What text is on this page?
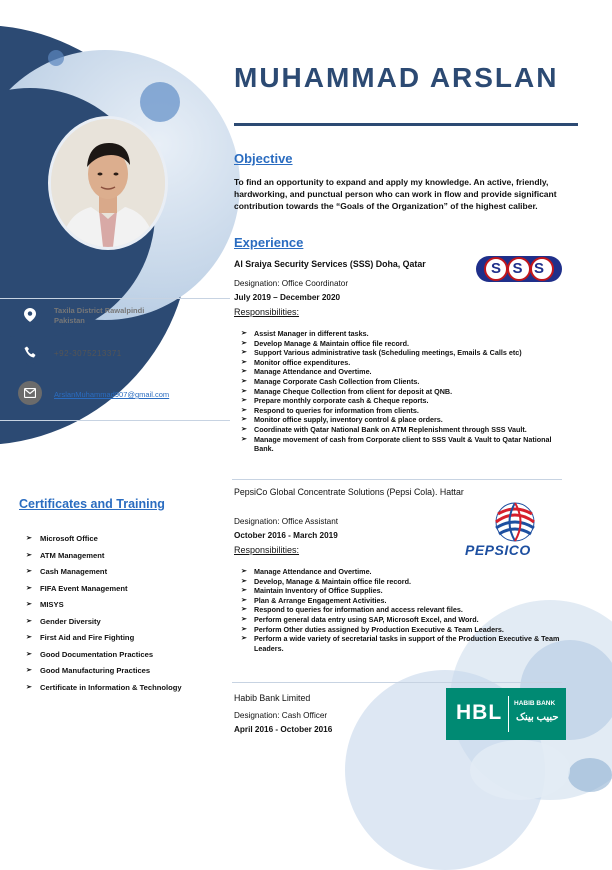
MUHAMMAD ARSLAN
Taxila District Rawalpindi Pakistan
+92-3075213371
ArslanMuhammad907@gmail.com
Certificates and Training
➢ Microsoft Office
➢ ATM Management
➢ Cash Management
➢ FIFA Event Management
➢ MISYS
➢ Gender Diversity
➢ First Aid and Fire Fighting
➢ Good Documentation Practices
➢ Good Manufacturing Practices
➢ Certificate in Information & Technology
Objective
To find an opportunity to expand and apply my knowledge. An active, friendly, hardworking, and punctual person who can work in flow and provide significant contribution towards the “Goals of the Organization” of the highest caliber.
Experience
Al Sraiya Security Services (SSS) Doha, Qatar	SSS
Designation: Office Coordinator
July 2019 – December 2020
Responsibilities:
➢ Assist Manager in different tasks.
➢ Develop Manage & Maintain office file record.
➢ Support Various administrative task (Scheduling meetings, Emails & Calls etc)
➢ Monitor office expenditures.
➢ Manage Attendance and Overtime.
➢ Manage Corporate Cash Collection from Clients.
➢ Manage Cheque Collection from client for deposit at QNB.
➢ Prepare monthly corporate cash & Cheque reports.
➢ Respond to queries for information from clients.
➢ Monitor office supply, inventory control & place orders.
➢ Coordinate with Qatar National Bank on ATM Replenishment through SSS Vault.
➢ Manage movement of cash from Corporate client to SSS Vault & Vault to Qatar National Bank.
PepsiCo Global Concentrate Solutions (Pepsi Cola). Hattar
PEPSICO
Designation: Office Assistant
October 2016 - March 2019
Responsibilities:
➢ Manage Attendance and Overtime.
➢ Develop, Manage & Maintain office file record.
➢ Maintain Inventory of Office Supplies.
➢ Plan & Arrange Engagement Activities.
➢ Respond to queries for information and access relevant files.
➢ Perform general data entry using SAP, Microsoft Excel, and Word.
➢ Perform Other duties assigned by Production Executive & Team Leaders.
➢ Perform a wide variety of secretarial tasks in support of the Production Executive & Team Leaders.
Habib Bank Limited
Designation: Cash Officer
April 2016 - October 2016
HBL HABIB BANK
حبیب بینک
